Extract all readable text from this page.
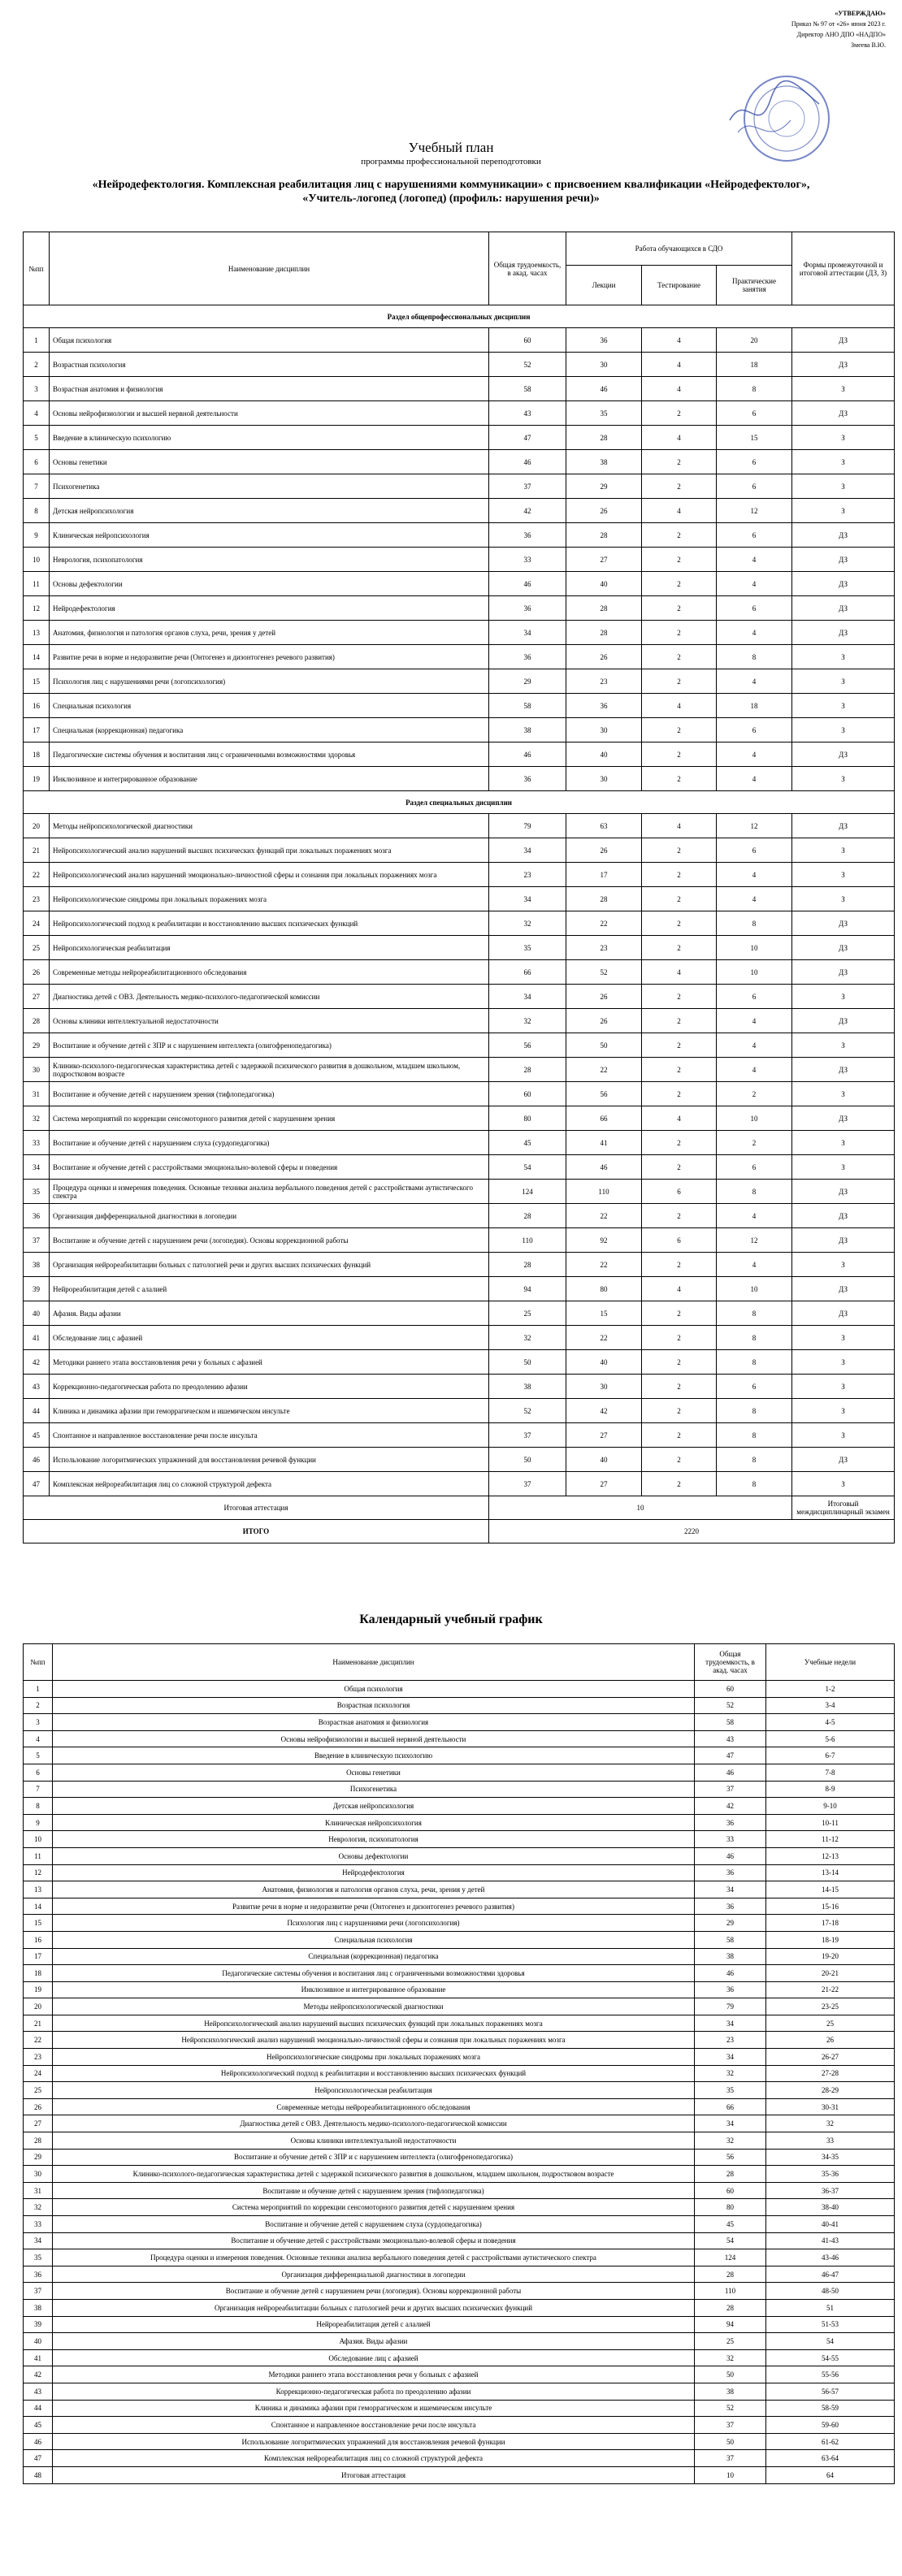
«УТВЕРЖДАЮ»
Приказ № 97 от «26» июня 2023 г.
Директор АНО ДПО «НАДПО»
Змеева В.Ю.
Учебный план
программы профессиональной переподготовки
«Нейродефектология. Комплексная реабилитация лиц с нарушениями коммуникации» с присвоением квалификации «Нейродефектолог»,
«Учитель-логопед (логопед) (профиль: нарушения речи)»
№пп	Наименование дисциплин	Общая трудоемкость, в акад. часах	Работа обучающихся в СДО			Формы промежуточной и итоговой аттестации (ДЗ, З)
			Лекции	Тестирование	Практические занятия	
Раздел общепрофессиональных дисциплин						
1	Общая психология	60	36	4	20	ДЗ
2	Возрастная психология	52	30	4	18	ДЗ
3	Возрастная анатомия и физиология	58	46	4	8	З
4	Основы нейрофизиологии и высшей нервной деятельности	43	35	2	6	ДЗ
5	Введение в клиническую психологию	47	28	4	15	З
6	Основы генетики	46	38	2	6	З
7	Психогенетика	37	29	2	6	З
8	Детская нейропсихология	42	26	4	12	З
9	Клиническая нейропсихология	36	28	2	6	ДЗ
10	Неврология, психопатология	33	27	2	4	ДЗ
11	Основы дефектологии	46	40	2	4	ДЗ
12	Нейродефектология	36	28	2	6	ДЗ
13	Анатомия, физиология и патология органов слуха, речи, зрения у детей	34	28	2	4	ДЗ
14	Развитие речи в норме и недоразвитие речи (Онтогенез и дизонтогенез речевого развития)	36	26	2	8	З
15	Психология лиц с нарушениями речи (логопсихология)	29	23	2	4	З
16	Специальная психология	58	36	4	18	З
17	Специальная (коррекционная) педагогика	38	30	2	6	З
18	Педагогические системы обучения и воспитания лиц с ограниченными возможностями здоровья	46	40	2	4	ДЗ
19	Инклюзивное и интегрированное образование	36	30	2	4	З
Раздел специальных дисциплин						
20	Методы нейропсихологической диагностики	79	63	4	12	ДЗ
21	Нейропсихологический анализ нарушений высших психических функций при локальных поражениях мозга	34	26	2	6	З
22	Нейропсихологический анализ нарушений эмоционально-личностной сферы и сознания при локальных поражениях мозга	23	17	2	4	З
23	Нейропсихологические синдромы при локальных поражениях мозга	34	28	2	4	З
24	Нейропсихологический подход к реабилитации и восстановлению высших психических функций	32	22	2	8	ДЗ
25	Нейропсихологическая реабилитация	35	23	2	10	ДЗ
26	Современные методы нейрореабилитационного обследования	66	52	4	10	ДЗ
27	Диагностика детей с ОВЗ. Деятельность медико-психолого-педагогической комиссии	34	26	2	6	З
28	Основы клиники интеллектуальной недостаточности	32	26	2	4	ДЗ
29	Воспитание и обучение детей с ЗПР и с нарушением интеллекта (олигофренопедагогика)	56	50	2	4	З
30	Клинико-психолого-педагогическая характеристика детей с задержкой психического развития в дошкольном, младшем школьном, подростковом возрасте	28	22	2	4	ДЗ
31	Воспитание и обучение детей с нарушением зрения (тифлопедагогика)	60	56	2	2	З
32	Система мероприятий по коррекции сенсомоторного развития детей с нарушением зрения	80	66	4	10	ДЗ
33	Воспитание и обучение детей с нарушением слуха (сурдопедагогика)	45	41	2	2	З
34	Воспитание и обучение детей с расстройствами эмоционально-волевой сферы и поведения	54	46	2	6	З
35	Процедура оценки и измерения поведения. Основные техники анализа вербального поведения детей с расстройствами аутистического спектра	124	110	6	8	ДЗ
36	Организация дифференциальной диагностики в логопедии	28	22	2	4	ДЗ
37	Воспитание и обучение детей с нарушением речи (логопедия). Основы коррекционной работы	110	92	6	12	ДЗ
38	Организация нейрореабилитации больных с патологией речи и других высших психических функций	28	22	2	4	З
39	Нейрореабилитация детей с алалией	94	80	4	10	ДЗ
40	Афазия. Виды афазии	25	15	2	8	ДЗ
41	Обследование лиц с афазией	32	22	2	8	З
42	Методики раннего этапа восстановления речи у больных с афазией	50	40	2	8	З
43	Коррекционно-педагогическая работа по преодолению афазии	38	30	2	6	З
44	Клиника и динамика афазии при геморрагическом и ишемическом инсульте	52	42	2	8	З
45	Спонтанное и направленное восстановление речи после инсульта	37	27	2	8	З
46	Использование логоритмических упражнений для восстановления речевой функции	50	40	2	8	ДЗ
47	Комплексная нейрореабилитация лиц со сложной структурой дефекта	37	27	2	8	З
Итоговая аттестация		10				Итоговый междисциплинарный экзамен
ИТОГО		2220				
Календарный учебный график
№пп	Наименование дисциплин	Общая трудоемкость, в акад. часах	Учебные недели
1	Общая психология	60	1-2
2	Возрастная психология	52	3-4
3	Возрастная анатомия и физиология	58	4-5
4	Основы нейрофизиологии и высшей нервной деятельности	43	5-6
5	Введение в клиническую психологию	47	6-7
6	Основы генетики	46	7-8
7	Психогенетика	37	8-9
8	Детская нейропсихология	42	9-10
9	Клиническая нейропсихология	36	10-11
10	Неврология, психопатология	33	11-12
11	Основы дефектологии	46	12-13
12	Нейродефектология	36	13-14
13	Анатомия, физиология и патология органов слуха, речи, зрения у детей	34	14-15
14	Развитие речи в норме и недоразвитие речи (Онтогенез и дизонтогенез речевого развития)	36	15-16
15	Психология лиц с нарушениями речи (логопсихология)	29	17-18
16	Специальная психология	58	18-19
17	Специальная (коррекционная) педагогика	38	19-20
18	Педагогические системы обучения и воспитания лиц с ограниченными возможностями здоровья	46	20-21
19	Инклюзивное и интегрированное образование	36	21-22
20	Методы нейропсихологической диагностики	79	23-25
21	Нейропсихологический анализ нарушений высших психических функций при локальных поражениях мозга	34	25
22	Нейропсихологический анализ нарушений эмоционально-личностной сферы и сознания при локальных поражениях мозга	23	26
23	Нейропсихологические синдромы при локальных поражениях мозга	34	26-27
24	Нейропсихологический подход к реабилитации и восстановлению высших психических функций	32	27-28
25	Нейропсихологическая реабилитация	35	28-29
26	Современные методы нейрореабилитационного обследования	66	30-31
27	Диагностика детей с ОВЗ. Деятельность медико-психолого-педагогической комиссии	34	32
28	Основы клиники интеллектуальной недостаточности	32	33
29	Воспитание и обучение детей с ЗПР и с нарушением интеллекта (олигофренопедагогика)	56	34-35
30	Клинико-психолого-педагогическая характеристика детей с задержкой психического развития в дошкольном, младшем школьном, подростковом возрасте	28	35-36
31	Воспитание и обучение детей с нарушением зрения (тифлопедагогика)	60	36-37
32	Система мероприятий по коррекции сенсомоторного развития детей с нарушением зрения	80	38-40
33	Воспитание и обучение детей с нарушением слуха (сурдопедагогика)	45	40-41
34	Воспитание и обучение детей с расстройствами эмоционально-волевой сферы и поведения	54	41-43
35	Процедура оценки и измерения поведения. Основные техники анализа вербального поведения детей с расстройствами аутистического спектра	124	43-46
36	Организация дифференциальной диагностики в логопедии	28	46-47
37	Воспитание и обучение детей с нарушением речи (логопедия). Основы коррекционной работы	110	48-50
38	Организация нейрореабилитации больных с патологией речи и других высших психических функций	28	51
39	Нейрореабилитация детей с алалией	94	51-53
40	Афазия. Виды афазии	25	54
41	Обследование лиц с афазией	32	54-55
42	Методики раннего этапа восстановления речи у больных с афазией	50	55-56
43	Коррекционно-педагогическая работа по преодолению афазии	38	56-57
44	Клиника и динамика афазии при геморрагическом и ишемическом инсульте	52	58-59
45	Спонтанное и направленное восстановление речи после инсульта	37	59-60
46	Использование логоритмических упражнений для восстановления речевой функции	50	61-62
47	Комплексная нейрореабилитация лиц со сложной структурой дефекта	37	63-64
48	Итоговая аттестация	10	64
